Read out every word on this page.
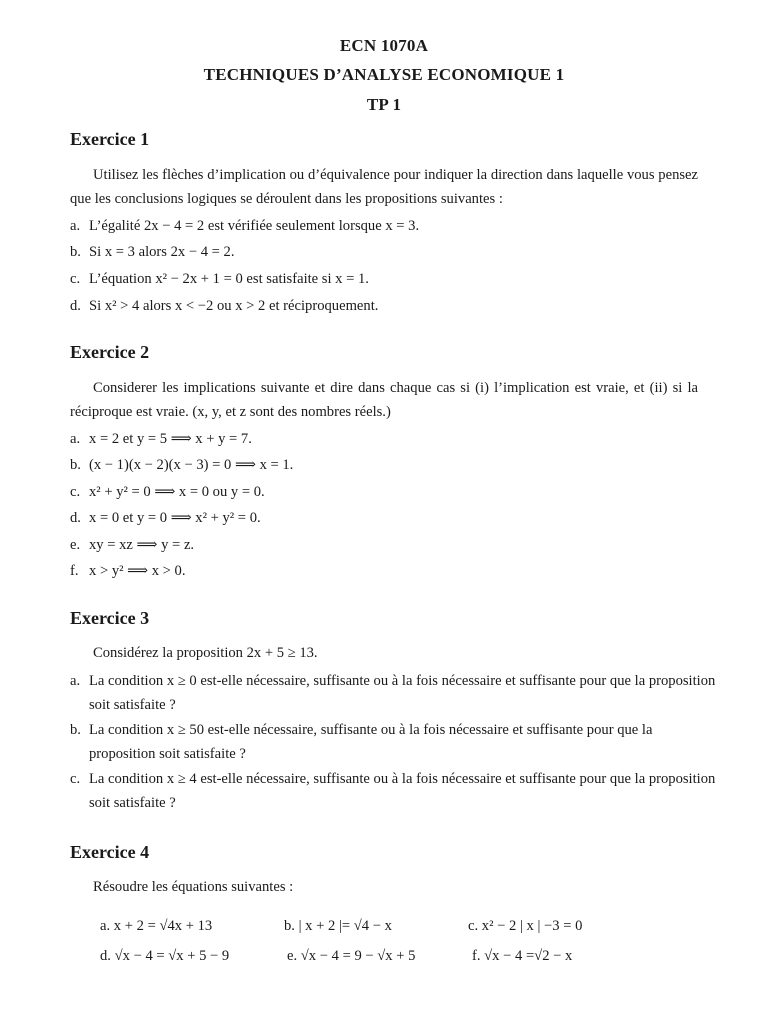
ECN 1070A
TECHNIQUES D’ANALYSE ECONOMIQUE 1
TP 1
Exercice 1
Utilisez les flèches d’implication ou d’équivalence pour indiquer la direction dans laquelle vous pensez que les conclusions logiques se déroulent dans les propositions suivantes :
a. L’égalité 2x − 4 = 2 est vérifiée seulement lorsque x = 3.
b. Si x = 3 alors 2x − 4 = 2.
c. L’équation x² − 2x + 1 = 0 est satisfaite si x = 1.
d. Si x² > 4 alors x < −2 ou x > 2 et réciproquement.
Exercice 2
Considerer les implications suivante et dire dans chaque cas si (i) l’implication est vraie, et (ii) si la réciproque est vraie. (x, y, et z sont des nombres réels.)
a. x = 2 et y = 5 ⟹ x + y = 7.
b. (x − 1)(x − 2)(x − 3) = 0 ⟹ x = 1.
c. x² + y² = 0 ⟹ x = 0 ou y = 0.
d. x = 0 et y = 0 ⟹ x² + y² = 0.
e. xy = xz ⟹ y = z.
f. x > y² ⟹ x > 0.
Exercice 3
Considérez la proposition 2x + 5 ≥ 13.
a. La condition x ≥ 0 est-elle nécessaire, suffisante ou à la fois nécessaire et suffisante pour que la proposition soit satisfaite ?
b. La condition x ≥ 50 est-elle nécessaire, suffisante ou à la fois nécessaire et suffisante pour que la proposition soit satisfaite ?
c. La condition x ≥ 4 est-elle nécessaire, suffisante ou à la fois nécessaire et suffisante pour que la proposition soit satisfaite ?
Exercice 4
Résoudre les équations suivantes :
a. x + 2 = √4x + 13	b. | x + 2 |= √4 − x	c. x² − 2 | x | −3 = 0
d. √x − 4 = √x + 5 − 9	e. √x − 4 = 9 − √x + 5	f. √x − 4 =√2 − x
